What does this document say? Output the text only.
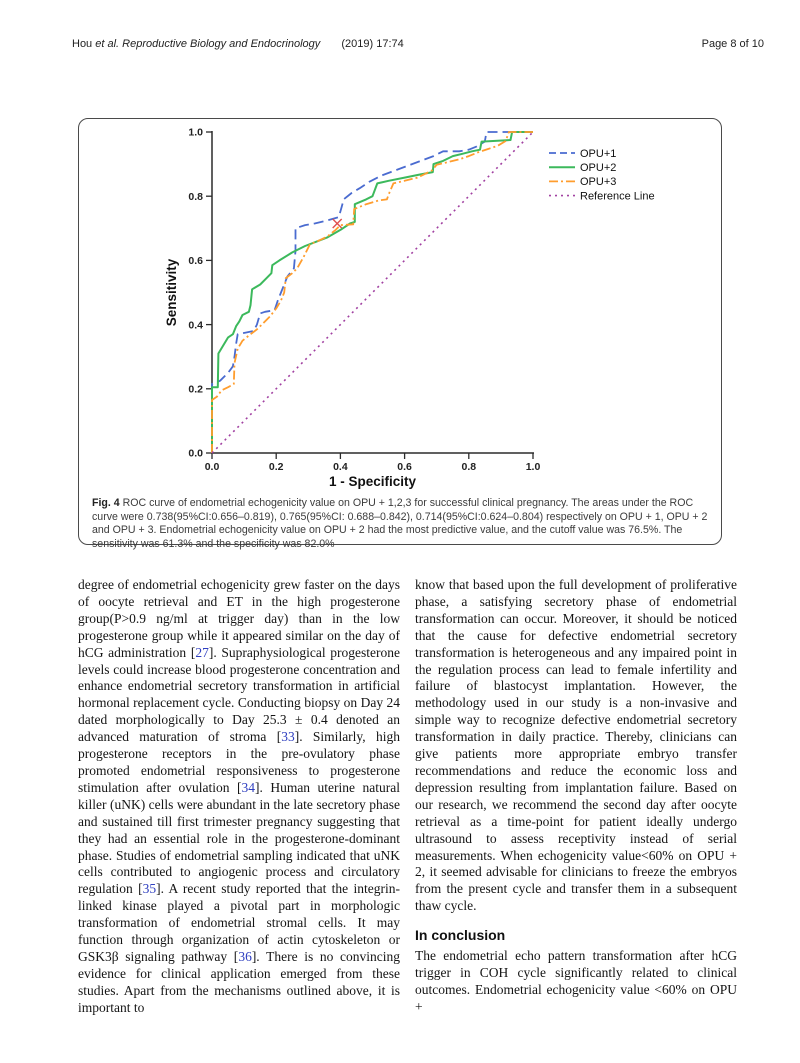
Hou et al. Reproductive Biology and Endocrinology (2019) 17:74	Page 8 of 10
0.0
0.0
0.2
0.2
0.4
0.4
0.6
0.6
0.8
0.8
1.0
1.0
Sensitivity
1 - Specificity
OPU+1
OPU+2
OPU+3
Reference Line
Fig. 4 ROC curve of endometrial echogenicity value on OPU + 1,2,3 for successful clinical pregnancy. The areas under the ROC curve were 0.738(95%CI:0.656–0.819), 0.765(95%CI: 0.688–0.842), 0.714(95%CI:0.624–0.804) respectively on OPU + 1, OPU + 2 and OPU + 3. Endometrial echogenicity value on OPU + 2 had the most predictive value, and the cutoff value was 76.5%. The sensitivity was 61.3% and the specificity was 82.0%

degree of endometrial echogenicity grew faster on the days of oocyte retrieval and ET in the high progesterone group(P>0.9 ng/ml at trigger day) than in the low progesterone group while it appeared similar on the day of hCG administration [27]. Supraphysiological progesterone levels could increase blood progesterone concentration and enhance endometrial secretory transformation in artificial hormonal replacement cycle. Conducting biopsy on Day 24 dated morphologically to Day 25.3 ± 0.4 denoted an advanced maturation of stroma [33]. Similarly, high progesterone receptors in the pre-ovulatory phase promoted endometrial responsiveness to progesterone stimulation after ovulation [34]. Human uterine natural killer (uNK) cells were abundant in the late secretory phase and sustained till first trimester pregnancy suggesting that they had an essential role in the progesterone-dominant phase. Studies of endometrial sampling indicated that uNK cells contributed to angiogenic process and circulatory regulation [35]. A recent study reported that the integrin-linked kinase played a pivotal part in morphologic transformation of endometrial stromal cells. It may function through organization of actin cytoskeleton or GSK3β signaling pathway [36]. There is no convincing evidence for clinical application emerged from these studies. Apart from the mechanisms outlined above, it is important to

know that based upon the full development of proliferative phase, a satisfying secretory phase of endometrial transformation can occur. Moreover, it should be noticed that the cause for defective endometrial secretory transformation is heterogeneous and any impaired point in the regulation process can lead to female infertility and failure of blastocyst implantation. However, the methodology used in our study is a non-invasive and simple way to recognize defective endometrial secretory transformation in daily practice. Thereby, clinicians can give patients more appropriate embryo transfer recommendations and reduce the economic loss and depression resulting from implantation failure. Based on our research, we recommend the second day after oocyte retrieval as a time-point for patient ideally undergo ultrasound to assess receptivity instead of serial measurements. When echogenicity value<60% on OPU + 2, it seemed advisable for clinicians to freeze the embryos from the present cycle and transfer them in a subsequent thaw cycle.

In conclusion

The endometrial echo pattern transformation after hCG trigger in COH cycle significantly related to clinical outcomes. Endometrial echogenicity value <60% on OPU +
